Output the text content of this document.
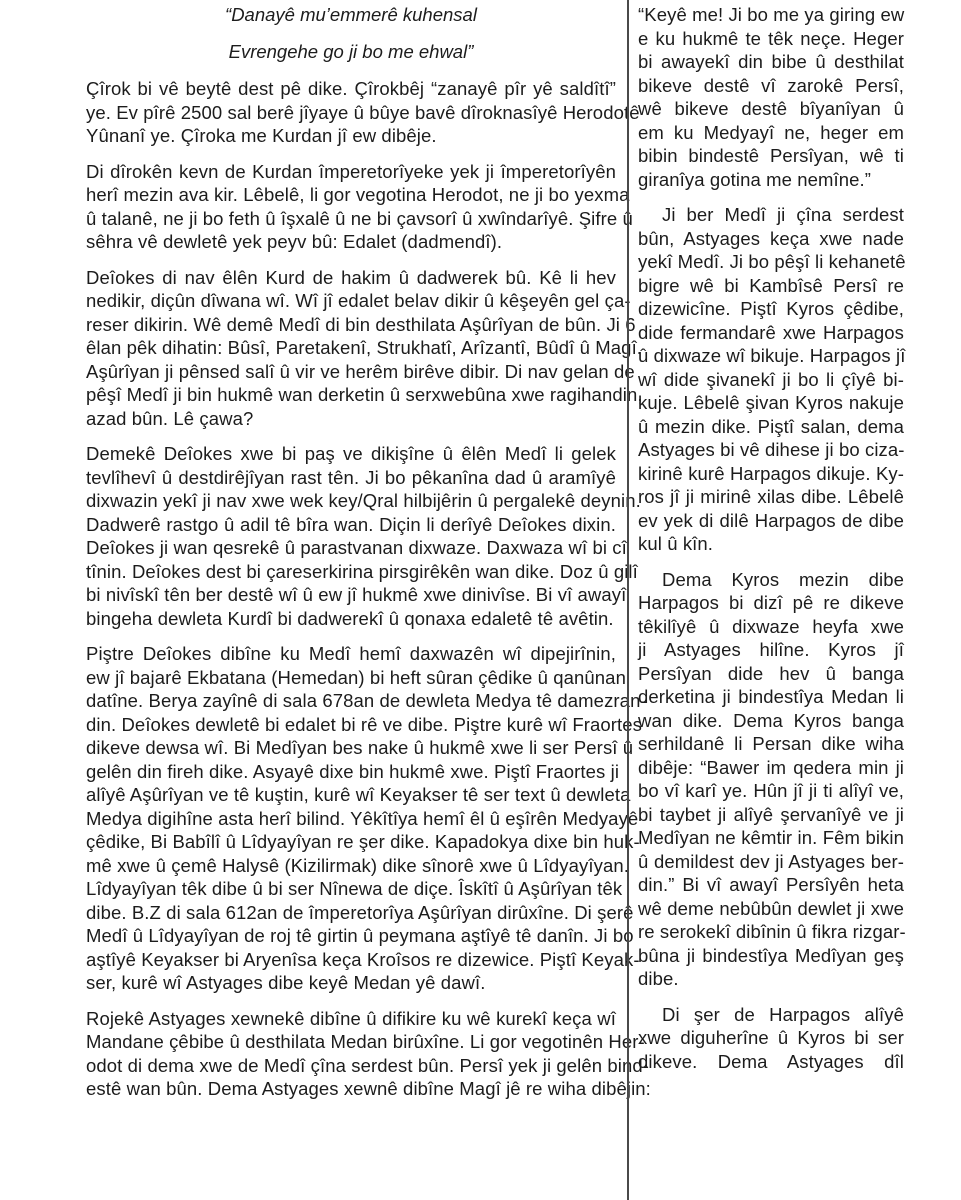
“Danayê mu’emmerê kuhensal
Evrengehe go ji bo me ehwal”
Çîrok bi vê beytê dest pê dike. Çîrokbêj “zanayê pîr yê saldîtî”
ye. Ev pîrê 2500 sal berê jîyaye û bûye bavê dîroknasîyê Herodotê
Yûnanî ye. Çîroka me Kurdan jî ew dibêje.
Di dîrokên kevn de Kurdan împeretorîyeke yek ji împeretorîyên
herî mezin ava kir. Lêbelê, li gor vegotina Herodot, ne ji bo yexma
û talanê, ne ji bo feth û îşxalê û ne bi çavsorî û xwîndarîyê. Şifre û
sêhra vê dewletê yek peyv bû: Edalet (dadmendî).
Deîokes di nav êlên Kurd de hakim û dadwerek bû. Kê li hev
nedikir, diçûn dîwana wî. Wî jî edalet belav dikir û kêşeyên gel ça-
reser dikirin. Wê demê Medî di bin desthilata Aşûrîyan de bûn. Ji 6
êlan pêk dihatin: Bûsî, Paretakenî, Strukhatî, Arîzantî, Bûdî û Magî.
Aşûrîyan ji pênsed salî û vir ve herêm birêve dibir. Di nav gelan de
pêşî Medî ji bin hukmê wan derketin û serxwebûna xwe ragihandin,
azad bûn. Lê çawa?
Demekê Deîokes xwe bi paş ve dikişîne û êlên Medî li gelek
tevlîhevî û destdirêjîyan rast tên. Ji bo pêkanîna dad û aramîyê
dixwazin yekî ji nav xwe wek key/Qral hilbijêrin û pergalekê deynin.
Dadwerê rastgo û adil tê bîra wan. Diçin li derîyê Deîokes dixin.
Deîokes ji wan qesrekê û parastvanan dixwaze. Daxwaza wî bi cî
tînin. Deîokes dest bi çareserkirina pirsgirêkên wan dike. Doz û gilî
bi nivîskî tên ber destê wî û ew jî hukmê xwe dinivîse. Bi vî awayî
bingeha dewleta Kurdî bi dadwerekî û qonaxa edaletê tê avêtin.
Piştre Deîokes dibîne ku Medî hemî daxwazên wî dipejirînin,
ew jî bajarê Ekbatana (Hemedan) bi heft sûran çêdike û qanûnan
datîne. Berya zayînê di sala 678an de dewleta Medya tê damezran-
din. Deîokes dewletê bi edalet bi rê ve dibe. Piştre kurê wî Fraortes
dikeve dewsa wî. Bi Medîyan bes nake û hukmê xwe li ser Persî û
gelên din fireh dike. Asyayê dixe bin hukmê xwe. Piştî Fraortes ji
alîyê Aşûrîyan ve tê kuştin, kurê wî Keyakser tê ser text û dewleta
Medya digihîne asta herî bilind. Yêkîtîya hemî êl û eşîrên Medyayê
çêdike, Bi Babîlî û Lîdyayîyan re şer dike. Kapadokya dixe bin huk-
mê xwe û çemê Halysê (Kizilirmak) dike sînorê xwe û Lîdyayîyan.
Lîdyayîyan têk dibe û bi ser Nînewa de diçe. Îskîtî û Aşûrîyan têk
dibe. B.Z di sala 612an de împeretorîya Aşûrîyan dirûxîne. Di şerê
Medî û Lîdyayîyan de roj tê girtin û peymana aştîyê tê danîn. Ji bo
aştîyê Keyakser bi Aryenîsa keça Kroîsos re dizewice. Piştî Keyak-
ser, kurê wî Astyages dibe keyê Medan yê dawî.
Rojekê Astyages xewnekê dibîne û difikire ku wê kurekî keça wî
Mandane çêbibe û desthilata Medan birûxîne. Li gor vegotinên Her-
odot di dema xwe de Medî çîna serdest bûn. Persî yek ji gelên bind-
estê wan bûn. Dema Astyages xewnê dibîne Magî jê re wiha dibêjin:
“Keyê me! Ji bo me ya giring ew
e ku hukmê te têk neçe. Heger
bi awayekî din bibe û desthilat
bikeve destê vî zarokê Persî,
wê bikeve destê bîyanîyan û
em ku Medyayî ne, heger em
bibin bindestê Persîyan, wê ti
giranîya gotina me nemîne.”
Ji ber Medî ji çîna serdest
bûn, Astyages keça xwe nade
yekî Medî. Ji bo pêşî li kehanetê
bigre wê bi Kambîsê Persî re
dizewicîne. Piştî Kyros çêdibe,
dide fermandarê xwe Harpagos
û dixwaze wî bikuje. Harpagos jî
wî dide şivanekî ji bo li çîyê bi-
kuje. Lêbelê şivan Kyros nakuje
û mezin dike. Piştî salan, dema
Astyages bi vê dihese ji bo ciza-
kirinê kurê Harpagos dikuje. Ky-
ros jî ji mirinê xilas dibe. Lêbelê
ev yek di dilê Harpagos de dibe
kul û kîn.
Dema Kyros mezin dibe
Harpagos bi dizî pê re dikeve
têkilîyê û dixwaze heyfa xwe
ji Astyages hilîne. Kyros jî
Persîyan dide hev û banga
derketina ji bindestîya Medan li
wan dike. Dema Kyros banga
serhildanê li Persan dike wiha
dibêje: “Bawer im qedera min ji
bo vî karî ye. Hûn jî ji ti alîyî ve,
bi taybet ji alîyê şervanîyê ve ji
Medîyan ne kêmtir in. Fêm bikin
û demildest dev ji Astyages ber-
din.” Bi vî awayî Persîyên heta
wê deme nebûbûn dewlet ji xwe
re serokekî dibînin û fikra rizgar-
bûna ji bindestîya Medîyan geş
dibe.
Di şer de Harpagos alîyê
xwe diguherîne û Kyros bi ser
dikeve. Dema Astyages dîl
